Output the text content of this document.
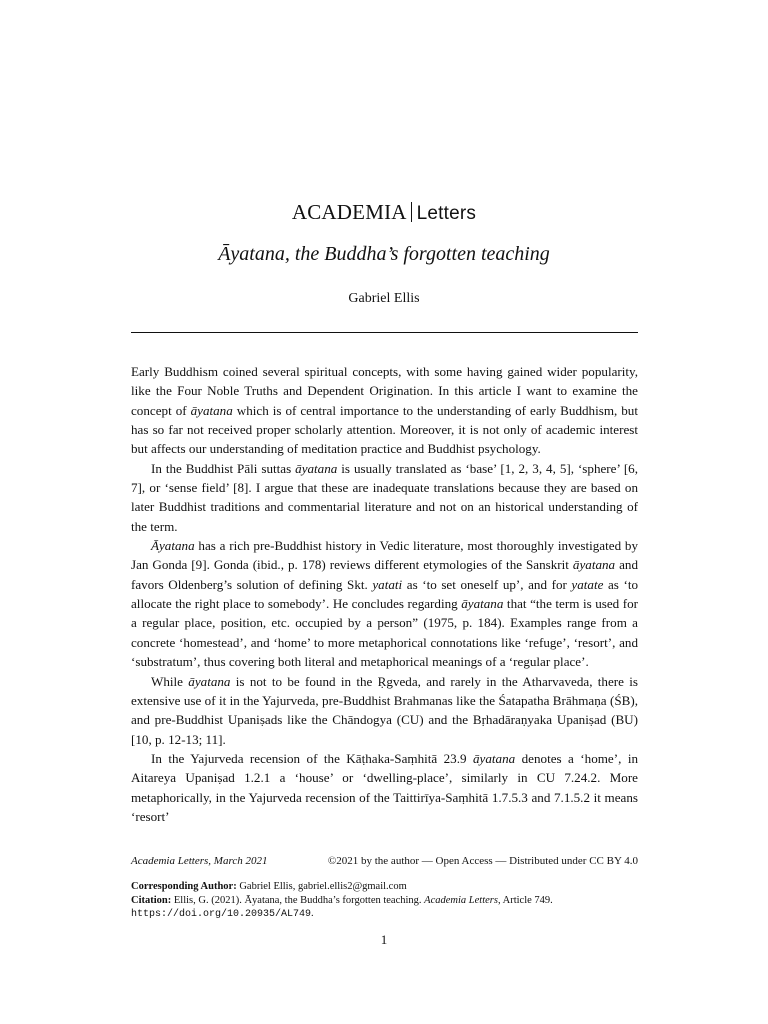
ACADEMIA Letters
Āyatana, the Buddha’s forgotten teaching
Gabriel Ellis

Early Buddhism coined several spiritual concepts, with some having gained wider popularity, like the Four Noble Truths and Dependent Origination. In this article I want to examine the concept of āyatana which is of central importance to the understanding of early Buddhism, but has so far not received proper scholarly attention. Moreover, it is not only of academic interest but affects our understanding of meditation practice and Buddhist psychology.

In the Buddhist Pāli suttas āyatana is usually translated as ‘base’ [1, 2, 3, 4, 5], ‘sphere’ [6, 7], or ‘sense field’ [8]. I argue that these are inadequate translations because they are based on later Buddhist traditions and commentarial literature and not on an historical understanding of the term.

Āyatana has a rich pre-Buddhist history in Vedic literature, most thoroughly investigated by Jan Gonda [9]. Gonda (ibid., p. 178) reviews different etymologies of the Sanskrit āyatana and favors Oldenberg’s solution of defining Skt. yatati as ‘to set oneself up’, and for yatate as ‘to allocate the right place to somebody’. He concludes regarding āyatana that “the term is used for a regular place, position, etc. occupied by a person” (1975, p. 184). Examples range from a concrete ‘homestead’, and ‘home’ to more metaphorical connotations like ‘refuge’, ‘resort’, and ‘substratum’, thus covering both literal and metaphorical meanings of a ‘regular place’.

While āyatana is not to be found in the Ṛgveda, and rarely in the Atharvaveda, there is extensive use of it in the Yajurveda, pre-Buddhist Brahmanas like the Śatapatha Brāhmaṇa (ŚB), and pre-Buddhist Upaniṣads like the Chāndogya (CU) and the Bṛhadāraṇyaka Upaniṣad (BU) [10, p. 12-13; 11].

In the Yajurveda recension of the Kāṭhaka-Saṃhitā 23.9 āyatana denotes a ‘home’, in Aitareya Upaniṣad 1.2.1 a ‘house’ or ‘dwelling-place’, similarly in CU 7.24.2. More metaphorically, in the Yajurveda recension of the Taittirīya-Saṃhitā 1.7.5.3 and 7.1.5.2 it means ‘resort’

Academia Letters, March 2021	©2021 by the author — Open Access — Distributed under CC BY 4.0
Corresponding Author: Gabriel Ellis, gabriel.ellis2@gmail.com
Citation: Ellis, G. (2021). Āyatana, the Buddha’s forgotten teaching. Academia Letters, Article 749.
https://doi.org/10.20935/AL749.
1
